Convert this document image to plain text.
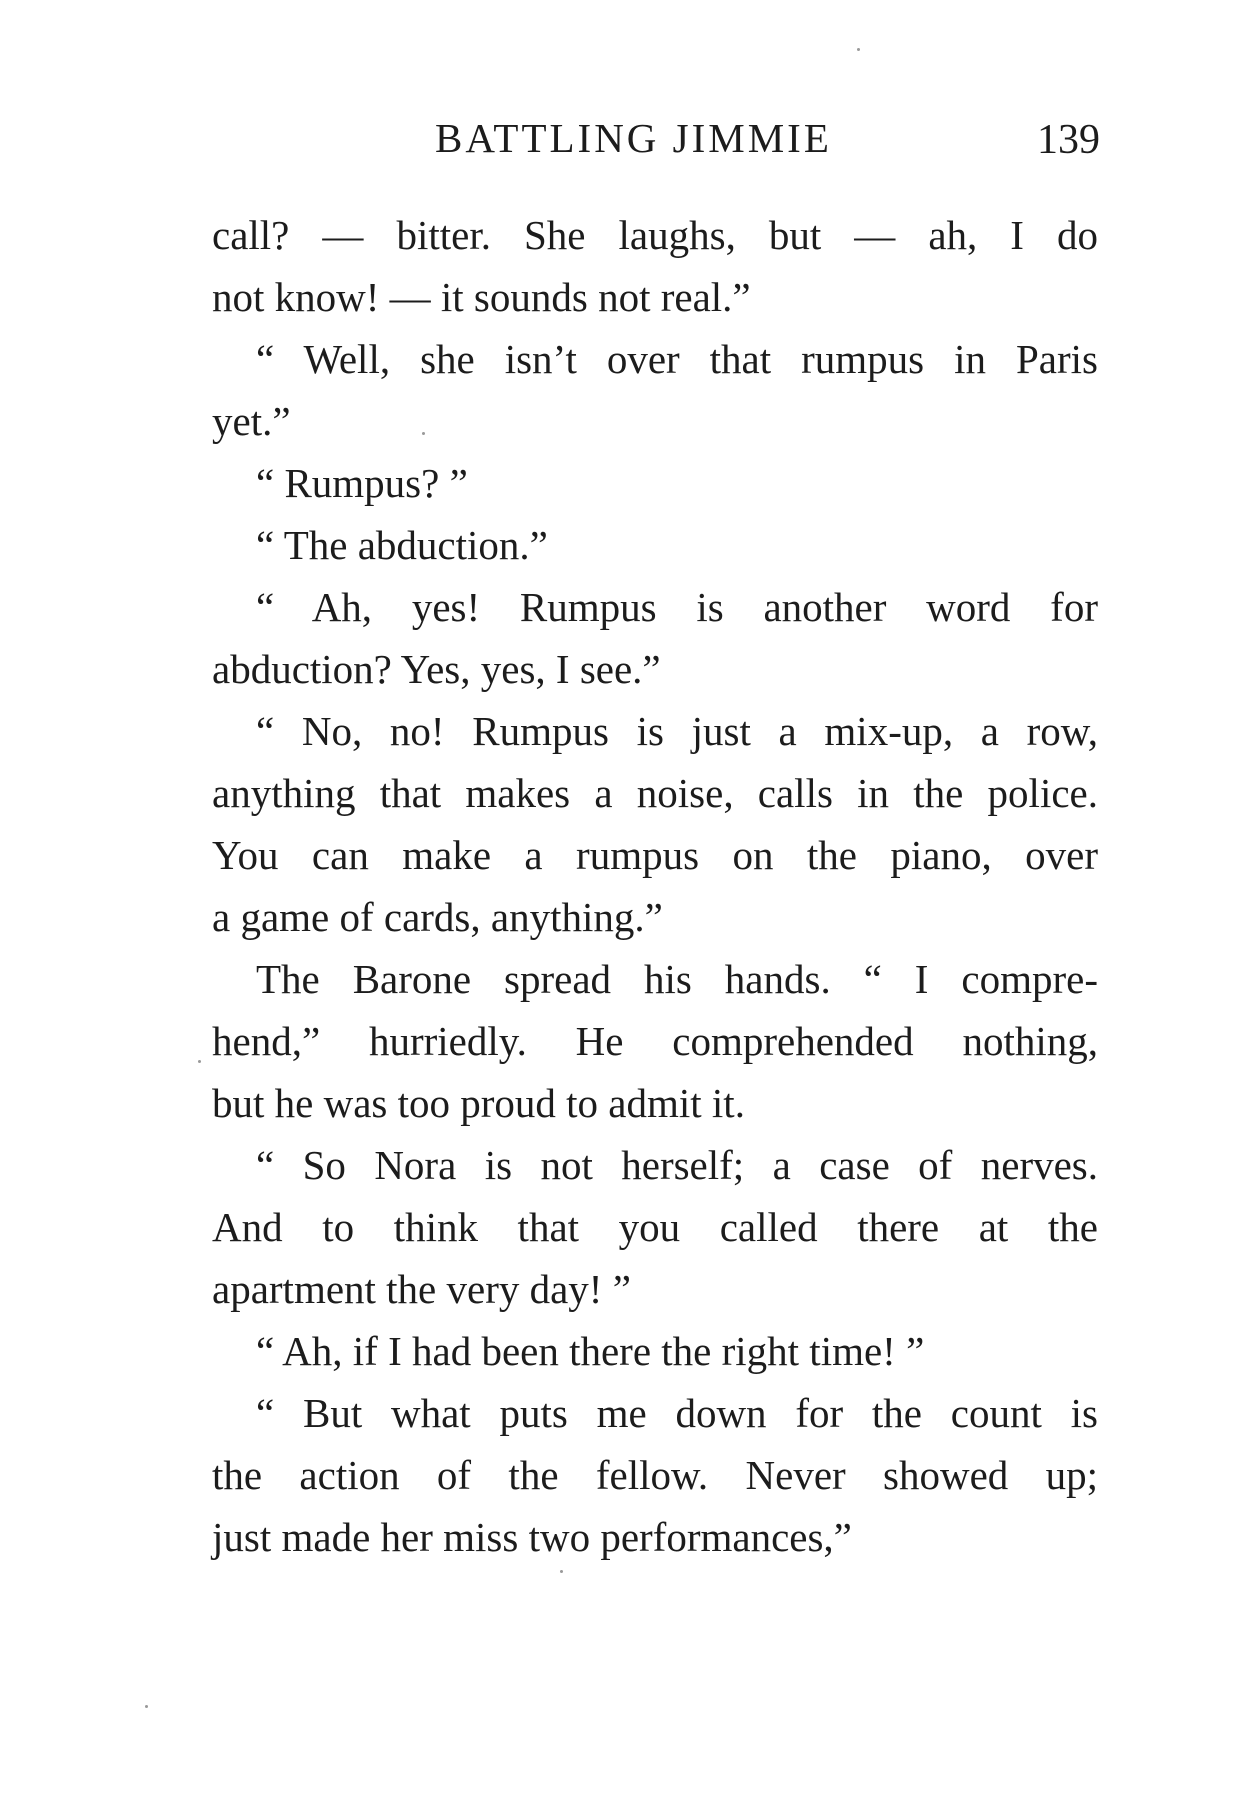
BATTLING JIMMIE	139
call? — bitter. She laughs, but — ah, I do
not know! — it sounds not real.”
“ Well, she isn’t over that rumpus in Paris
yet.”
“ Rumpus? ”
“ The abduction.”
“ Ah, yes! Rumpus is another word for
abduction? Yes, yes, I see.”
“ No, no! Rumpus is just a mix-up, a row,
anything that makes a noise, calls in the police.
You can make a rumpus on the piano, over
a game of cards, anything.”
The Barone spread his hands. “ I compre-
hend,” hurriedly. He comprehended nothing,
but he was too proud to admit it.
“ So Nora is not herself; a case of nerves.
And to think that you called there at the
apartment the very day! ”
“ Ah, if I had been there the right time! ”
“ But what puts me down for the count is
the action of the fellow. Never showed up;
just made her miss two performances,”
